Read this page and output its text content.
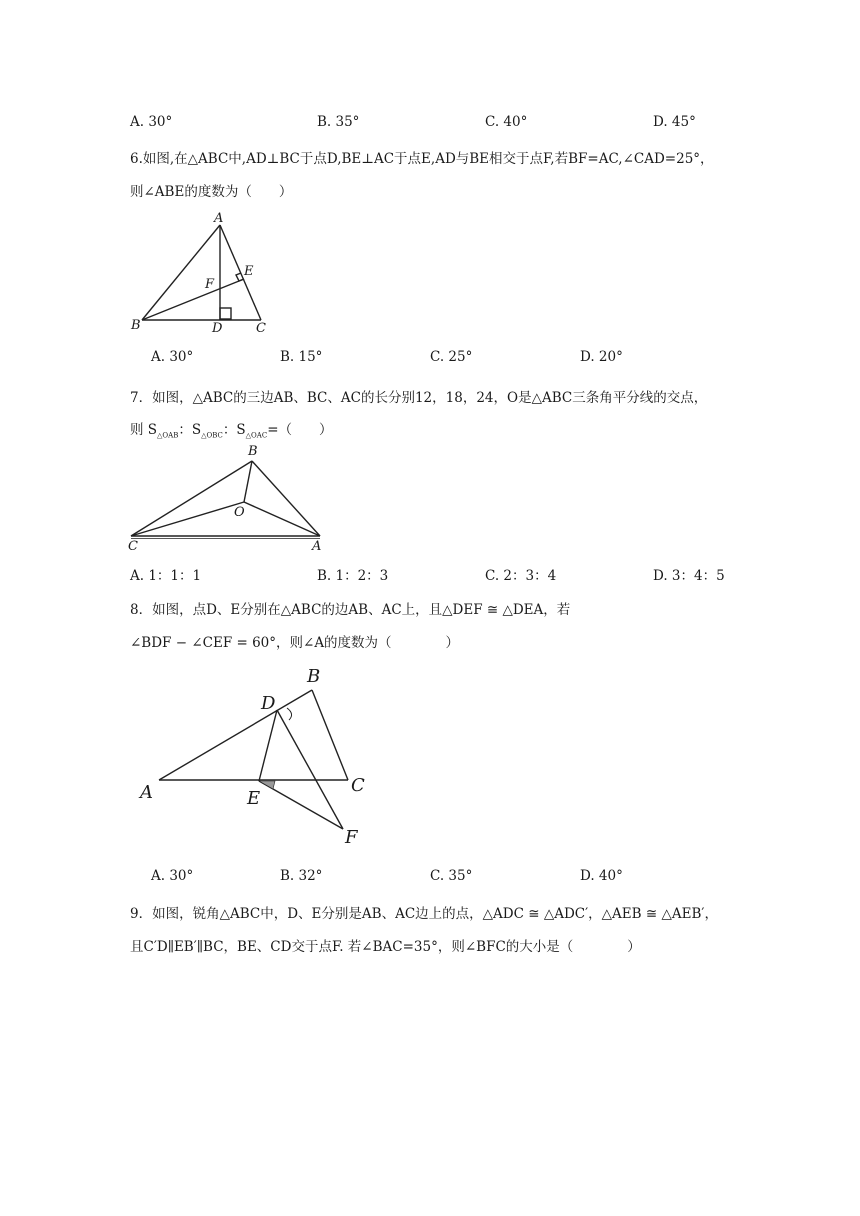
A. 30°	B. 35°	C. 40°	D. 45°
6.如图,在△ABC中,AD⊥BC于点D,BE⊥AC于点E,AD与BE相交于点F,若BF=AC,∠CAD=25°，
则∠ABE的度数为（　　）
A
E
F
B	D	C
A. 30°	B. 15°	C. 25°	D. 20°
7．如图，△ABC的三边AB、BC、AC的长分别12，18，24，O是△ABC三条角平分线的交点，
则 $S_{\triangle OAB}$：$S_{\triangle OBC}$：$S_{\triangle OAC}=$（　　）
B
O
C	A
A. 1：1：1	B. 1：2：3	C. 2：3：4	D. 3：4：5
8．如图，点D、E分别在△ABC的边AB、AC上，且△DEF ≅ △DEA，若
∠BDF − ∠CEF = 60°，则∠A的度数为（　　　　）
B
D
A	E
C
F
A. 30°	B. 32°	C. 35°	D. 40°
9．如图，锐角△ABC中，D、E分别是AB、AC边上的点，△ADC ≅ △ADC′，△AEB ≅ △AEB′，
且C′D∥EB′∥BC，BE、CD交于点F. 若∠BAC=35°，则∠BFC的大小是（　　　　）
